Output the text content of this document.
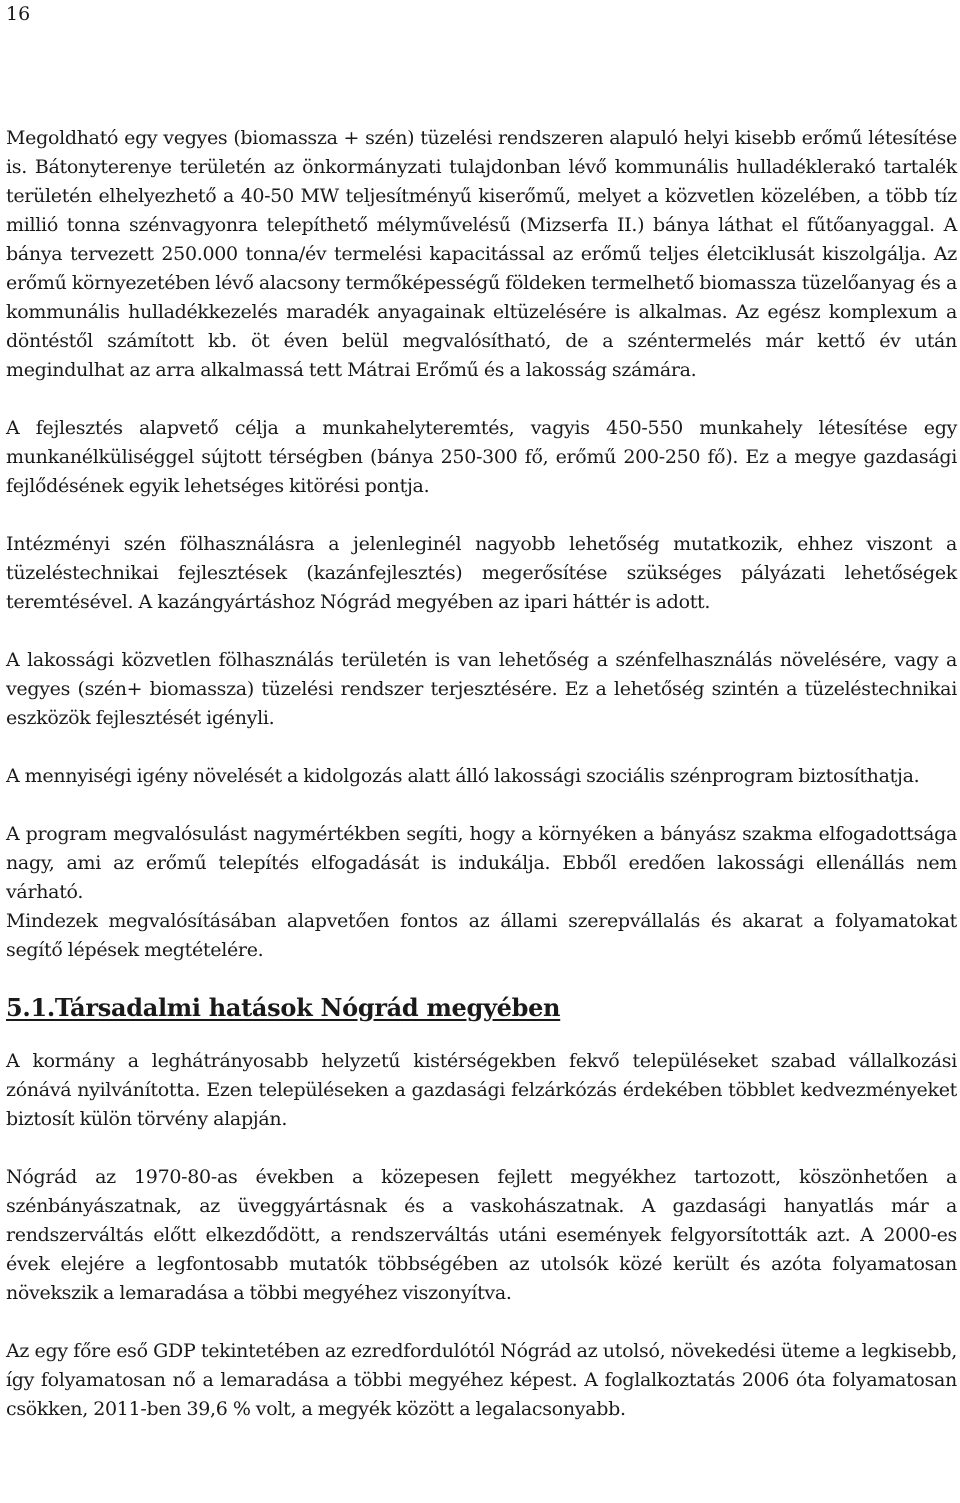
16

Megoldható egy vegyes (biomassza + szén) tüzelési rendszeren alapuló helyi kisebb erőmű létesítése is. Bátonyterenye területén az önkormányzati tulajdonban lévő kommunális hulladéklerakó tartalék területén elhelyezhető a 40-50 MW teljesítményű kiserőmű, melyet a közvetlen közelében, a több tíz millió tonna szénvagyonra telepíthető mélyművelésű (Mizserfa II.) bánya láthat el fűtőanyaggal. A bánya tervezett 250.000 tonna/év termelési kapacitással az erőmű teljes életciklusát kiszolgálja. Az erőmű környezetében lévő alacsony termőképességű földeken termelhető biomassza tüzelőanyag és a kommunális hulladékkezelés maradék anyagainak eltüzelésére is alkalmas. Az egész komplexum a döntéstől számított kb. öt éven belül megvalósítható, de a széntermelés már kettő év után megindulhat az arra alkalmassá tett Mátrai Erőmű és a lakosság számára.

A fejlesztés alapvető célja a munkahelyteremtés, vagyis 450-550 munkahely létesítése egy munkanélküliséggel sújtott térségben (bánya 250-300 fő, erőmű 200-250 fő). Ez a megye gazdasági fejlődésének egyik lehetséges kitörési pontja.

Intézményi szén fölhasználásra a jelenleginél nagyobb lehetőség mutatkozik, ehhez viszont a tüzeléstechnikai fejlesztések (kazánfejlesztés) megerősítése szükséges pályázati lehetőségek teremtésével. A kazángyártáshoz Nógrád megyében az ipari háttér is adott.

A lakossági közvetlen fölhasználás területén is van lehetőség a szénfelhasználás növelésére, vagy a vegyes (szén+ biomassza) tüzelési rendszer terjesztésére. Ez a lehetőség szintén a tüzeléstechnikai eszközök fejlesztését igényli.

A mennyiségi igény növelését a kidolgozás alatt álló lakossági szociális szénprogram biztosíthatja.

A program megvalósulást nagymértékben segíti, hogy a környéken a bányász szakma elfogadottsága nagy, ami az erőmű telepítés elfogadását is indukálja. Ebből eredően lakossági ellenállás nem várható.

Mindezek megvalósításában alapvetően fontos az állami szerepvállalás és akarat a folyamatokat segítő lépések megtételére.

5.1.Társadalmi hatások Nógrád megyében

A kormány a leghátrányosabb helyzetű kistérségekben fekvő településeket szabad vállalkozási zónává nyilvánította. Ezen településeken a gazdasági felzárkózás érdekében többlet kedvezményeket biztosít külön törvény alapján.

Nógrád az 1970-80-as években a közepesen fejlett megyékhez tartozott, köszönhetően a szénbányászatnak, az üveggyártásnak és a vaskohászatnak. A gazdasági hanyatlás már a rendszerváltás előtt elkezdődött, a rendszerváltás utáni események felgyorsították azt. A 2000-es évek elejére a legfontosabb mutatók többségében az utolsók közé került és azóta folyamatosan növekszik a lemaradása a többi megyéhez viszonyítva.

Az egy főre eső GDP tekintetében az ezredfordulótól Nógrád az utolsó, növekedési üteme a legkisebb, így folyamatosan nő a lemaradása a többi megyéhez képest. A foglalkoztatás 2006 óta folyamatosan csökken, 2011-ben 39,6 % volt, a megyék között a legalacsonyabb.
